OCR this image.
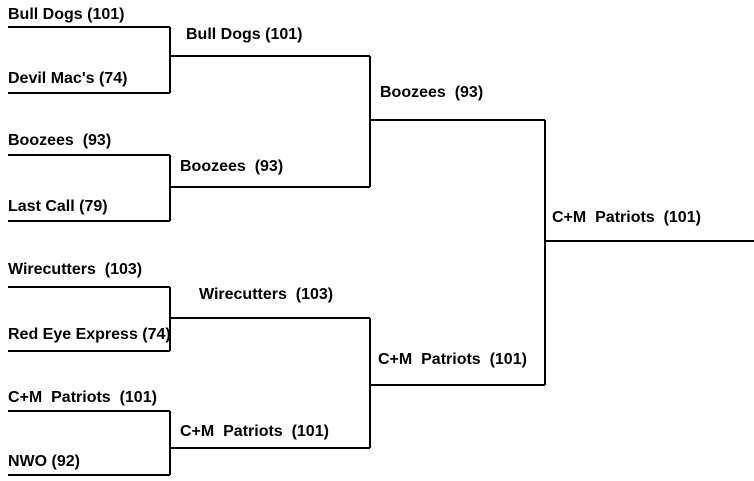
Bull Dogs (101)
Devil Mac's (74)
Boozees  (93)
Last Call (79)
Wirecutters  (103)
Red Eye Express (74)
C+M  Patriots  (101)
NWO (92)
Bull Dogs (101)
Boozees  (93)
Wirecutters  (103)
C+M  Patriots  (101)
Boozees  (93)
C+M  Patriots  (101)
C+M  Patriots  (101)
